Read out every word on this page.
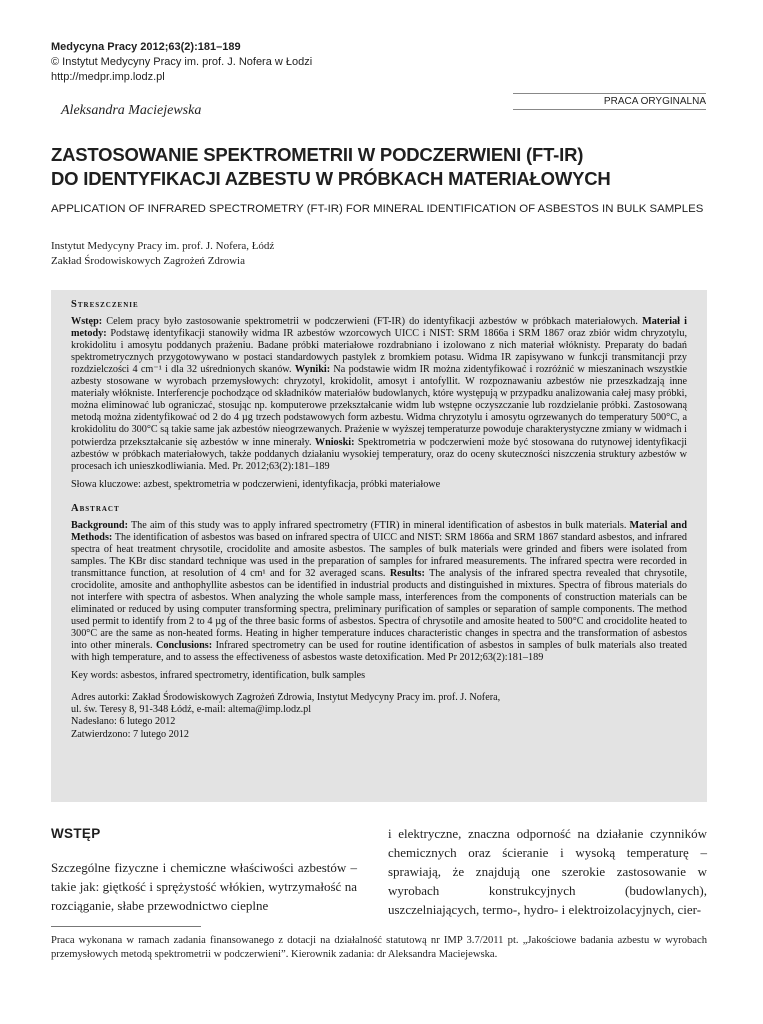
Medycyna Pracy 2012;63(2):181–189
© Instytut Medycyny Pracy im. prof. J. Nofera w Łodzi
http://medpr.imp.lodz.pl
PRACA ORYGINALNA
Aleksandra Maciejewska
ZASTOSOWANIE SPEKTROMETRII W PODCZERWIENI (FT-IR)
DO IDENTYFIKACJI AZBESTU W PRÓBKACH MATERIAŁOWYCH
APPLICATION OF INFRARED SPECTROMETRY (FT-IR) FOR MINERAL IDENTIFICATION OF ASBESTOS IN BULK SAMPLES
Instytut Medycyny Pracy im. prof. J. Nofera, Łódź
Zakład Środowiskowych Zagrożeń Zdrowia
Streszczenie

Wstęp: Celem pracy było zastosowanie spektrometrii w podczerwieni (FT-IR) do identyfikacji azbestów w próbkach materiałowych. Materiał i metody: Podstawę identyfikacji stanowiły widma IR azbestów wzorcowych UICC i NIST: SRM 1866a i SRM 1867 oraz zbiór widm chryzotylu, krokidolitu i amosytu poddanych prażeniu. Badane próbki materiałowe rozdrabniano i izolowano z nich materiał włóknisty. Preparaty do badań spektrometrycznych przygotowywano w postaci standardowych pastylek z bromkiem potasu. Widma IR zapisywano w funkcji transmitancji przy rozdzielczości 4 cm⁻¹ i dla 32 uśrednionych skanów. Wyniki: Na podstawie widm IR można zidentyfikować i rozróżnić w mieszaninach wszystkie azbesty stosowane w wyrobach przemysłowych: chryzotyl, krokidolit, amosyt i antofyllit. W rozpoznawaniu azbestów nie przeszkadzają inne materiały włókniste. Interferencje pochodzące od składników materiałów budowlanych, które występują w przypadku analizowania całej masy próbki, można eliminować lub ograniczać, stosując np. komputerowe przekształcanie widm lub wstępne oczyszczanie lub rozdzielanie próbki. Zastosowaną metodą można zidentyfikować od 2 do 4 µg trzech podstawowych form azbestu. Widma chryzotylu i amosytu ogrzewanych do temperatury 500°C, a krokidolitu do 300°C są takie same jak azbestów nieogrzewanych. Prażenie w wyższej temperaturze powoduje charakterystyczne zmiany w widmach i potwierdza przekształcanie się azbestów w inne minerały. Wnioski: Spektrometria w podczerwieni może być stosowana do rutynowej identyfikacji azbestów w próbkach materiałowych, także poddanych działaniu wysokiej temperatury, oraz do oceny skuteczności niszczenia struktury azbestów w procesach ich unieszkodliwiania. Med. Pr. 2012;63(2):181–189

Słowa kluczowe: azbest, spektrometria w podczerwieni, identyfikacja, próbki materiałowe
Abstract

Background: The aim of this study was to apply infrared spectrometry (FTIR) in mineral identification of asbestos in bulk materials. Material and Methods: The identification of asbestos was based on infrared spectra of UICC and NIST: SRM 1866a and SRM 1867 standard asbestos, and infrared spectra of heat treatment chrysotile, crocidolite and amosite asbestos. The samples of bulk materials were grinded and fibers were isolated from samples. The KBr disc standard technique was used in the preparation of samples for infrared measurements. The infrared spectra were recorded in transmittance function, at resolution of 4 cm¹ and for 32 averaged scans. Results: The analysis of the infrared spectra revealed that chrysotile, crocidolite, amosite and anthophyllite asbestos can be identified in industrial products and distinguished in mixtures. Spectra of fibrous materials do not interfere with spectra of asbestos. When analyzing the whole sample mass, interferences from the components of construction materials can be eliminated or reduced by using computer transforming spectra, preliminary purification of samples or separation of sample components. The method used permit to identify from 2 to 4 µg of the three basic forms of asbestos. Spectra of chrysotile and amosite heated to 500°C and crocidolite heated to 300°C are the same as non-heated forms. Heating in higher temperature induces characteristic changes in spectra and the transformation of asbestos into other minerals. Conclusions: Infrared spectrometry can be used for routine identification of asbestos in samples of bulk materials also treated with high temperature, and to assess the effectiveness of asbestos waste detoxification. Med Pr 2012;63(2):181–189

Key words: asbestos, infrared spectrometry, identification, bulk samples
Adres autorki: Zakład Środowiskowych Zagrożeń Zdrowia, Instytut Medycyny Pracy im. prof. J. Nofera,
ul. św. Teresy 8, 91-348 Łódź, e-mail: altema@imp.lodz.pl
Nadesłano: 6 lutego 2012
Zatwierdzono: 7 lutego 2012
WSTĘP
Szczególne fizyczne i chemiczne właściwości azbestów – takie jak: giętkość i sprężystość włókien, wytrzymałość na rozciąganie, słabe przewodnictwo cieplne
i elektryczne, znaczna odporność na działanie czynników chemicznych oraz ścieranie i wysoką temperaturę – sprawiają, że znajdują one szerokie zastosowanie w wyrobach konstrukcyjnych (budowlanych), uszczelniających, termo-, hydro- i elektroizolacyjnych, cier-
Praca wykonana w ramach zadania finansowanego z dotacji na działalność statutową nr IMP 3.7/2011 pt. „Jakościowe badania azbestu w wyrobach przemysłowych metodą spektrometrii w podczerwieni”. Kierownik zadania: dr Aleksandra Maciejewska.
